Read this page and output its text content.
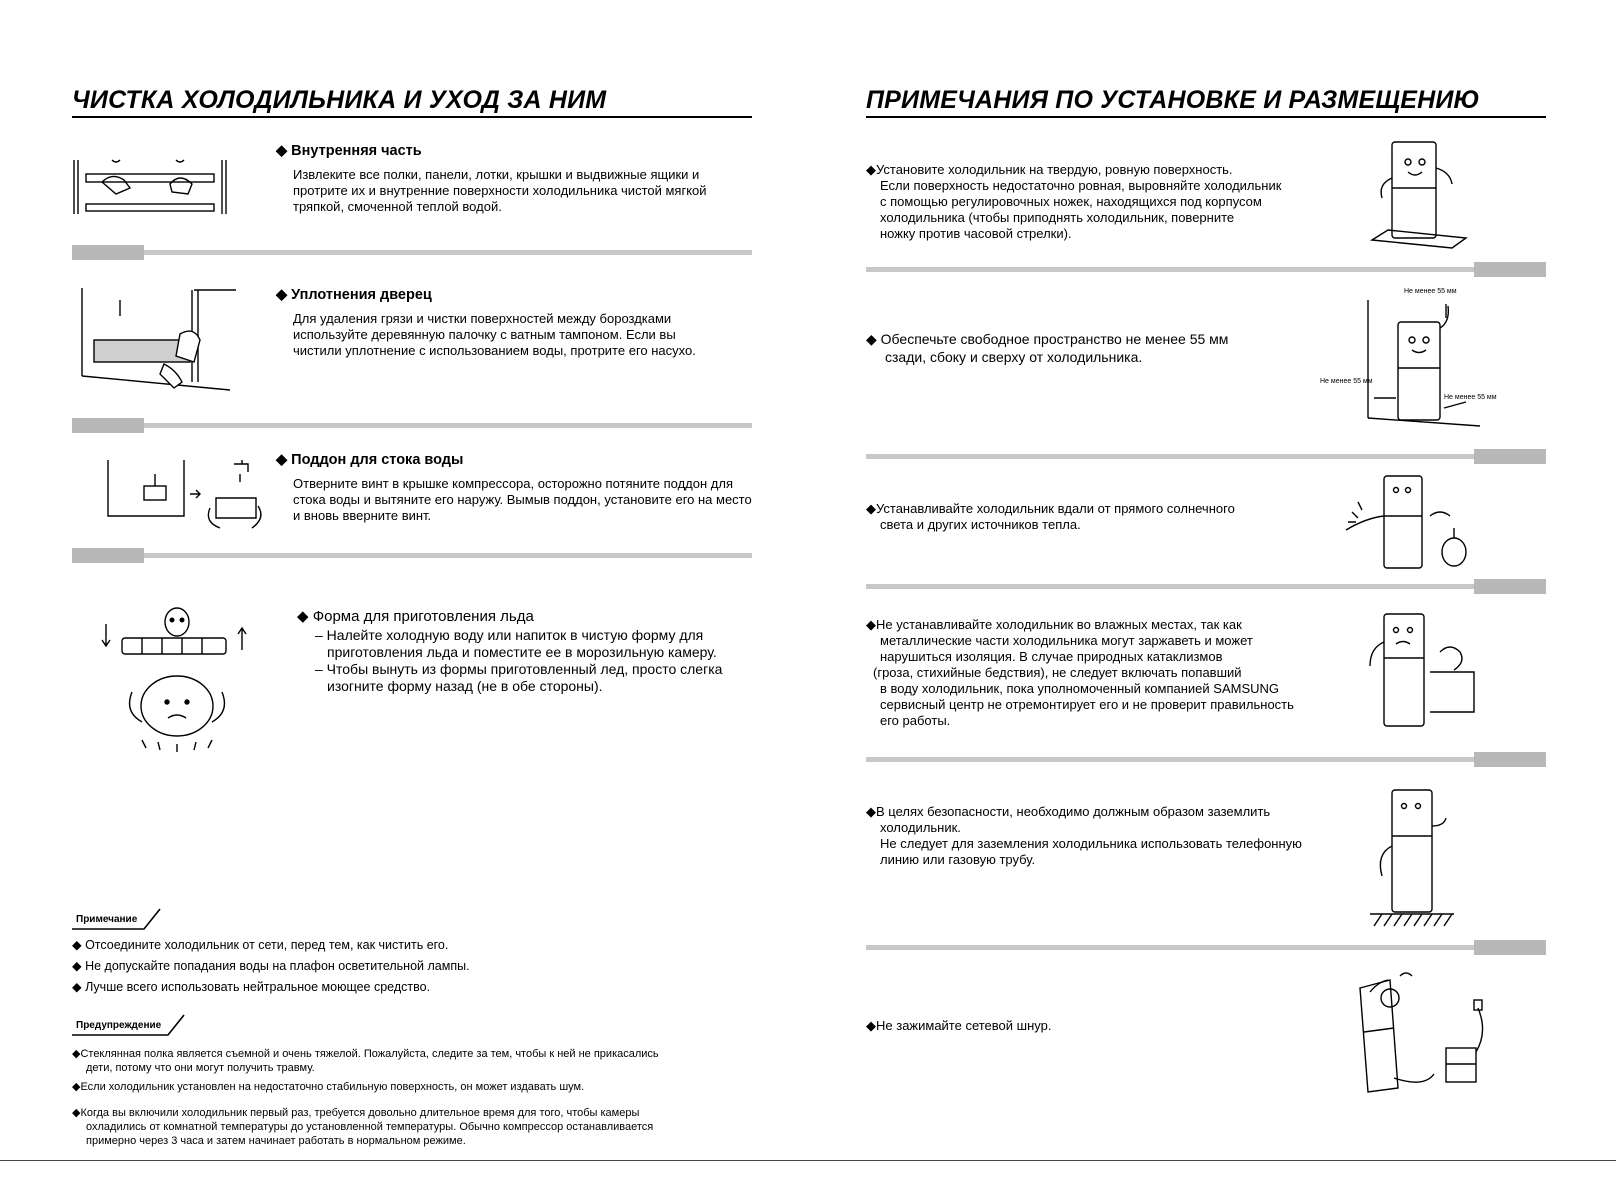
ЧИСТКА ХОЛОДИЛЬНИКА И УХОД ЗА НИМ
◆ Внутренняя часть
Извлеките все полки, панели, лотки, крышки и выдвижные ящики и протрите их и внутренние поверхности холодильника чистой мягкой тряпкой, смоченной теплой водой.
◆ Уплотнения дверец
Для удаления грязи и чистки поверхностей между бороздками используйте деревянную палочку с ватным тампоном. Если вы чистили уплотнение с использованием воды, протрите его насухо.
◆ Поддон для стока воды
Отверните винт в крышке компрессора, осторожно потяните поддон для стока воды и вытяните его наружу. Вымыв поддон, установите его на место и вновь вверните винт.
◆ Форма для приготовления льда
– Налейте холодную воду или напиток в чистую форму для
приготовления льда и поместите ее в морозильную камеру.
– Чтобы вынуть из формы приготовленный лед, просто слегка
изогните форму назад (не в обе стороны).
Примечание
◆ Отсоедините холодильник от сети, перед тем, как чистить его.
◆ Не допускайте попадания воды на плафон осветительной лампы.
◆ Лучше всего использовать нейтральное моющее средство.
Предупреждение
◆Стеклянная полка является съемной и очень тяжелой. Пожалуйста, следите за тем, чтобы к ней не прикасались
дети, потому что они могут получить травму.
◆Если холодильник установлен на недостаточно стабильную поверхность, он может издавать шум.
◆Когда вы включили холодильник первый раз, требуется довольно длительное время для того, чтобы камеры
охладились от комнатной температуры до установленной температуры. Обычно компрессор останавливается
примерно через 3 часа и затем начинает работать в нормальном режиме.
ПРИМЕЧАНИЯ ПО УСТАНОВКЕ И РАЗМЕЩЕНИЮ
◆Установите холодильник на твердую, ровную поверхность.
Если поверхность недостаточно ровная, выровняйте холодильник
с помощью регулировочных ножек, находящихся под корпусом
холодильника (чтобы приподнять холодильник, поверните
ножку против часовой стрелки).
◆ Обеспечьте свободное пространство не менее 55 мм
сзади, сбоку и сверху от холодильника.
Не менее 55 мм
Не менее 55 мм
Не менее 55 мм
◆Устанавливайте холодильник вдали от прямого солнечного
света и других источников тепла.
◆Не устанавливайте холодильник во влажных местах, так как
металлические части холодильника могут заржаветь и может
нарушиться изоляция. В случае природных катаклизмов
(гроза, стихийные бедствия), не следует включать попавший
в воду холодильник, пока уполномоченный компанией SAMSUNG
сервисный центр не отремонтирует его и не проверит правильность
его работы.
◆В целях безопасности, необходимо должным образом заземлить
холодильник.
Не следует для заземления холодильника использовать телефонную
линию или газовую трубу.
◆Не зажимайте сетевой шнур.
